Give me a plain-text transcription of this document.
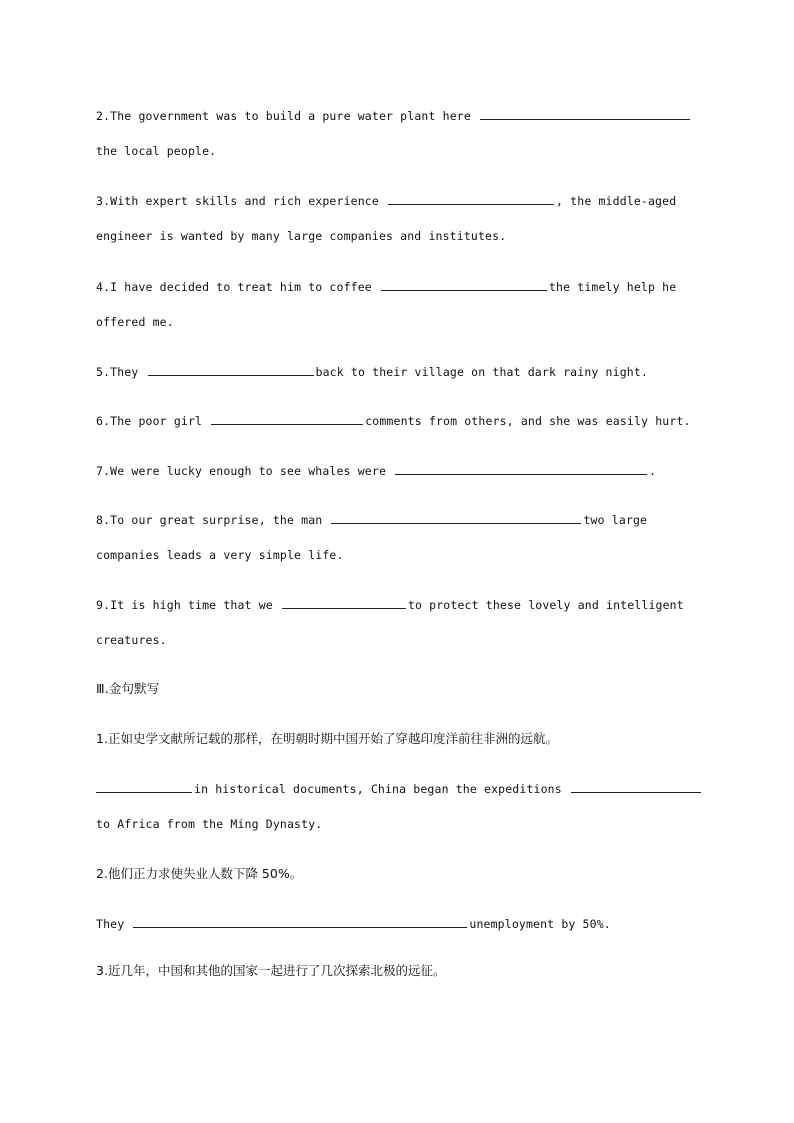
2.The government was to build a pure water plant here
the local people.
3.With expert skills and rich experience	, the middle-aged
engineer is wanted by many large companies and institutes.
4.I have decided to treat him to coffee	the timely help he
offered me.
5.They	back to their village on that dark rainy night.
6.The poor girl	comments from others, and she was easily hurt.
7.We were lucky enough to see whales were	.
8.To our great surprise, the man	two large
companies leads a very simple life.
9.It is high time that we	to protect these lovely and intelligent
creatures.
Ⅲ.金句默写
1.正如史学文献所记载的那样，在明朝时期中国开始了穿越印度洋前往非洲的远航。
in historical documents, China began the expeditions
to Africa from the Ming Dynasty.
2.他们正力求使失业人数下降 50%。
They	unemployment by 50%.
3.近几年，中国和其他的国家一起进行了几次探索北极的远征。
